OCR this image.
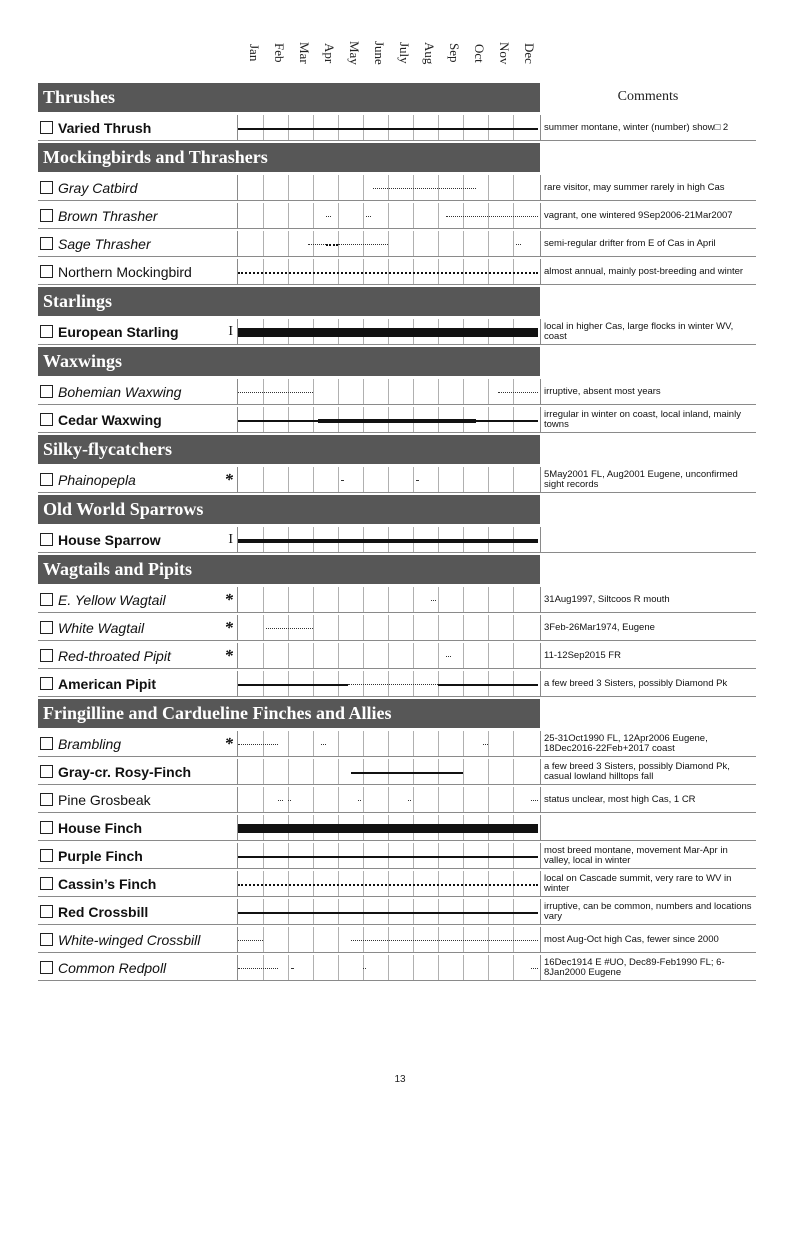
Jan Feb Mar Apr May June July Aug Sep Oct Nov Dec
Thrushes	Comments
Varied Thrush	summer montane, winter (number) show□ 2
Mockingbirds and Thrashers
Gray Catbird	rare visitor, may summer rarely in high Cas
Brown Thrasher	vagrant, one wintered 9Sep2006-21Mar2007
Sage Thrasher	semi-regular drifter from E of Cas in April
Northern Mockingbird	almost annual, mainly post-breeding and winter
Starlings
European Starling	I	local in higher Cas, large flocks in winter WV, coast
Waxwings
Bohemian Waxwing	irruptive, absent most years
Cedar Waxwing	irregular in winter on coast, local inland, mainly towns
Silky-flycatchers
Phainopepla	*	5May2001 FL, Aug2001 Eugene, unconfirmed sight records
Old World Sparrows
House Sparrow	I
Wagtails and Pipits
E. Yellow Wagtail	*	31Aug1997, Siltcoos R mouth
White Wagtail	*	3Feb-26Mar1974, Eugene
Red-throated Pipit	*	11-12Sep2015 FR
American Pipit	a few breed 3 Sisters, possibly Diamond Pk
Fringilline and Cardueline Finches and Allies
Brambling	*	25-31Oct1990 FL, 12Apr2006 Eugene, 18Dec2016-22Feb+2017 coast
Gray-cr. Rosy-Finch	a few breed 3 Sisters, possibly Diamond Pk, casual lowland hilltops fall
Pine Grosbeak	status unclear, most high Cas, 1 CR
House Finch
Purple Finch	most breed montane, movement Mar-Apr in valley, local in winter
Cassin’s Finch	local on Cascade summit, very rare to WV in winter
Red Crossbill	irruptive, can be common, numbers and locations vary
White-winged Crossbill	most Aug-Oct high Cas, fewer since 2000
Common Redpoll	16Dec1914 E #UO, Dec89-Feb1990 FL; 6-8Jan2000 Eugene
13
